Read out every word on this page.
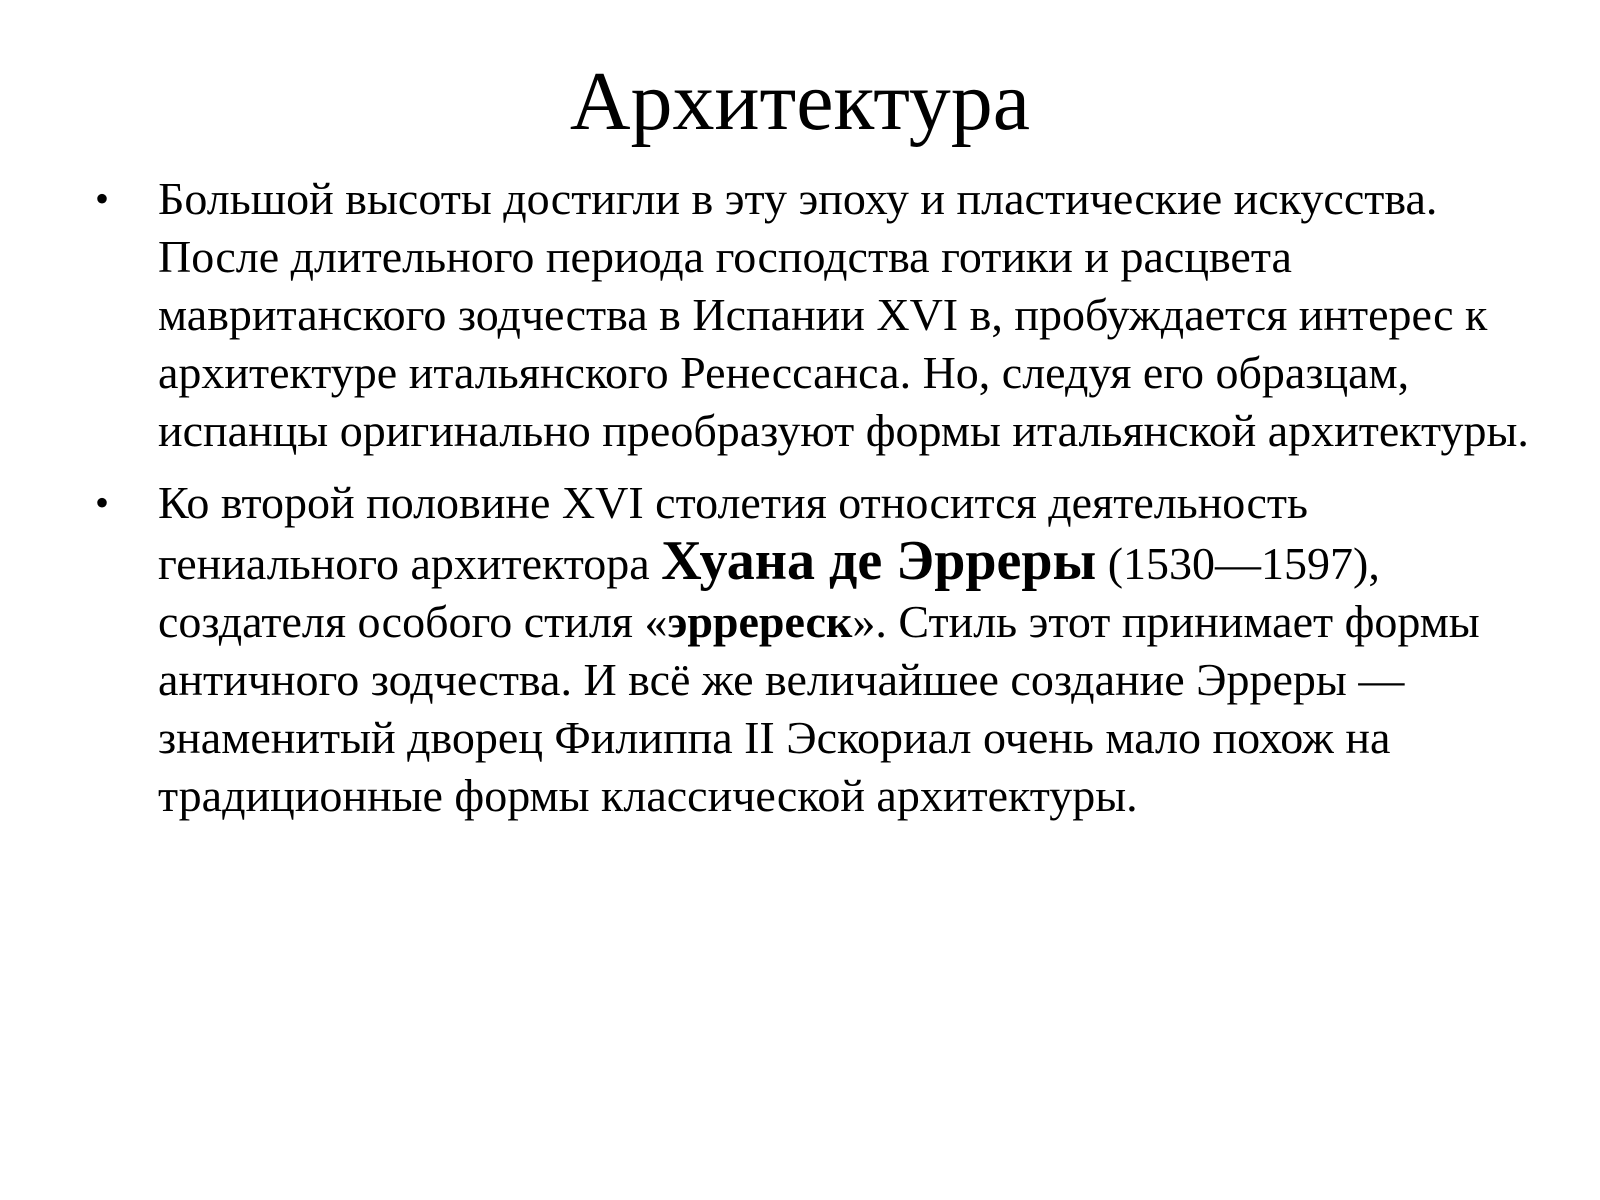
Архитектура

• Большой высоты достигли в эту эпоху и пластические искусства. После длительного периода господства готики и расцвета мавританского зодчества в Испании XVI в, пробуждается интерес к архитектуре итальянского Ренессанса. Но, следуя его образцам, испанцы оригинально преобразуют формы итальянской архитектуры.

• Ко второй половине XVI столетия относится деятельность гениального архитектора Хуана де Эрреры (1530—1597), создателя особого стиля «эрререск». Стиль этот принимает формы античного зодчества. И всё же величайшее создание Эрреры — знаменитый дворец Филиппа II Эскориал очень мало похож на традиционные формы классической архитектуры.
